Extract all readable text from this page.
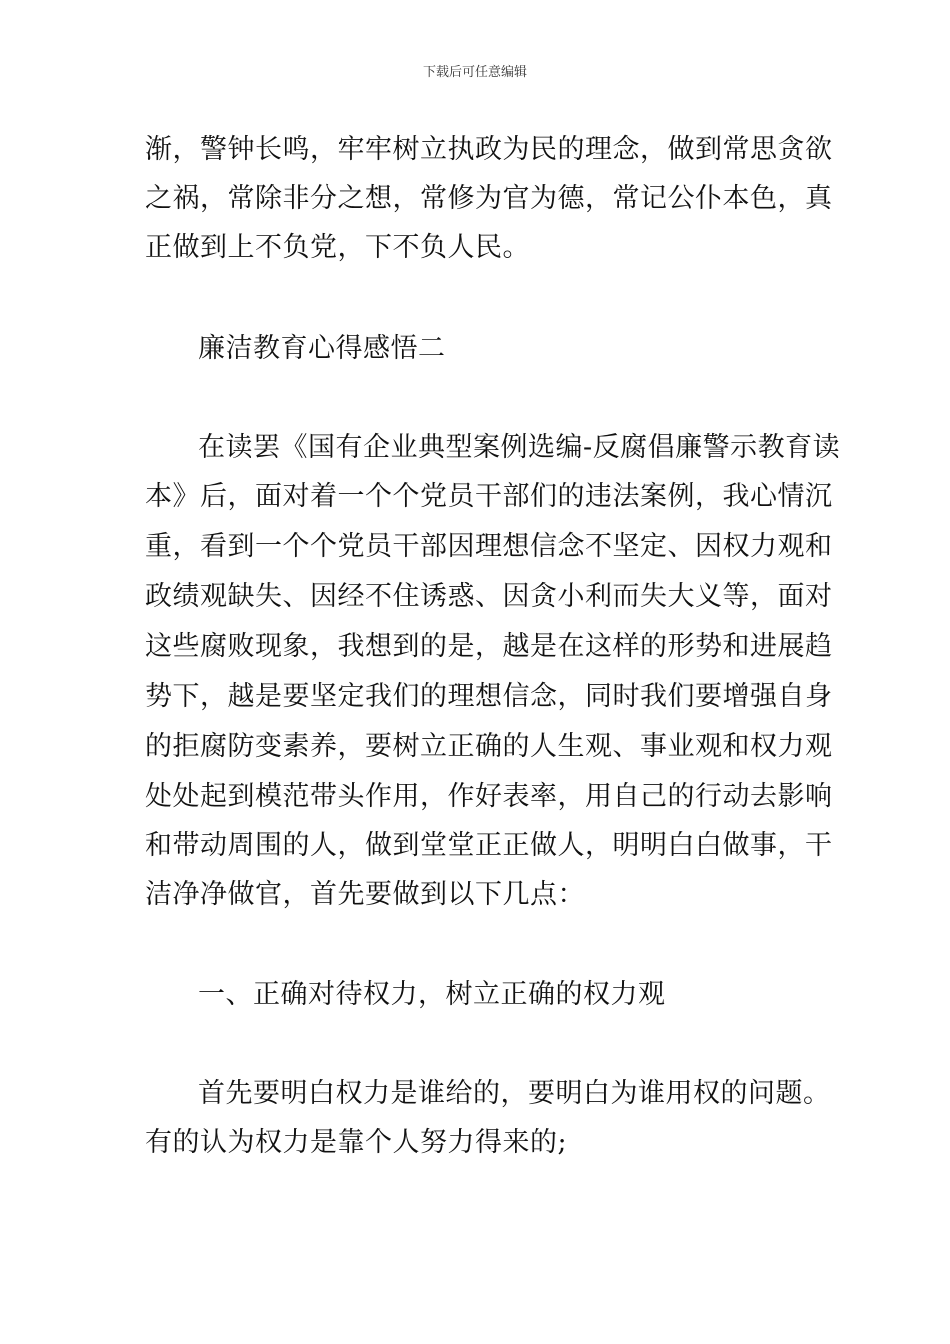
下载后可任意编辑
渐，警钟长鸣，牢牢树立执政为民的理念，做到常思贪欲
之祸，常除非分之想，常修为官为德，常记公仆本色，真
正做到上不负党，下不负人民。
廉洁教育心得感悟二
在读罢《国有企业典型案例选编-反腐倡廉警示教育读
本》后，面对着一个个党员干部们的违法案例，我心情沉
重，看到一个个党员干部因理想信念不坚定、因权力观和
政绩观缺失、因经不住诱惑、因贪小利而失大义等，面对
这些腐败现象，我想到的是，越是在这样的形势和进展趋
势下，越是要坚定我们的理想信念，同时我们要增强自身
的拒腐防变素养，要树立正确的人生观、事业观和权力观
处处起到模范带头作用，作好表率，用自己的行动去影响
和带动周围的人，做到堂堂正正做人，明明白白做事，干
洁净净做官，首先要做到以下几点：
一、正确对待权力，树立正确的权力观
首先要明白权力是谁给的，要明白为谁用权的问题。
有的认为权力是靠个人努力得来的;
